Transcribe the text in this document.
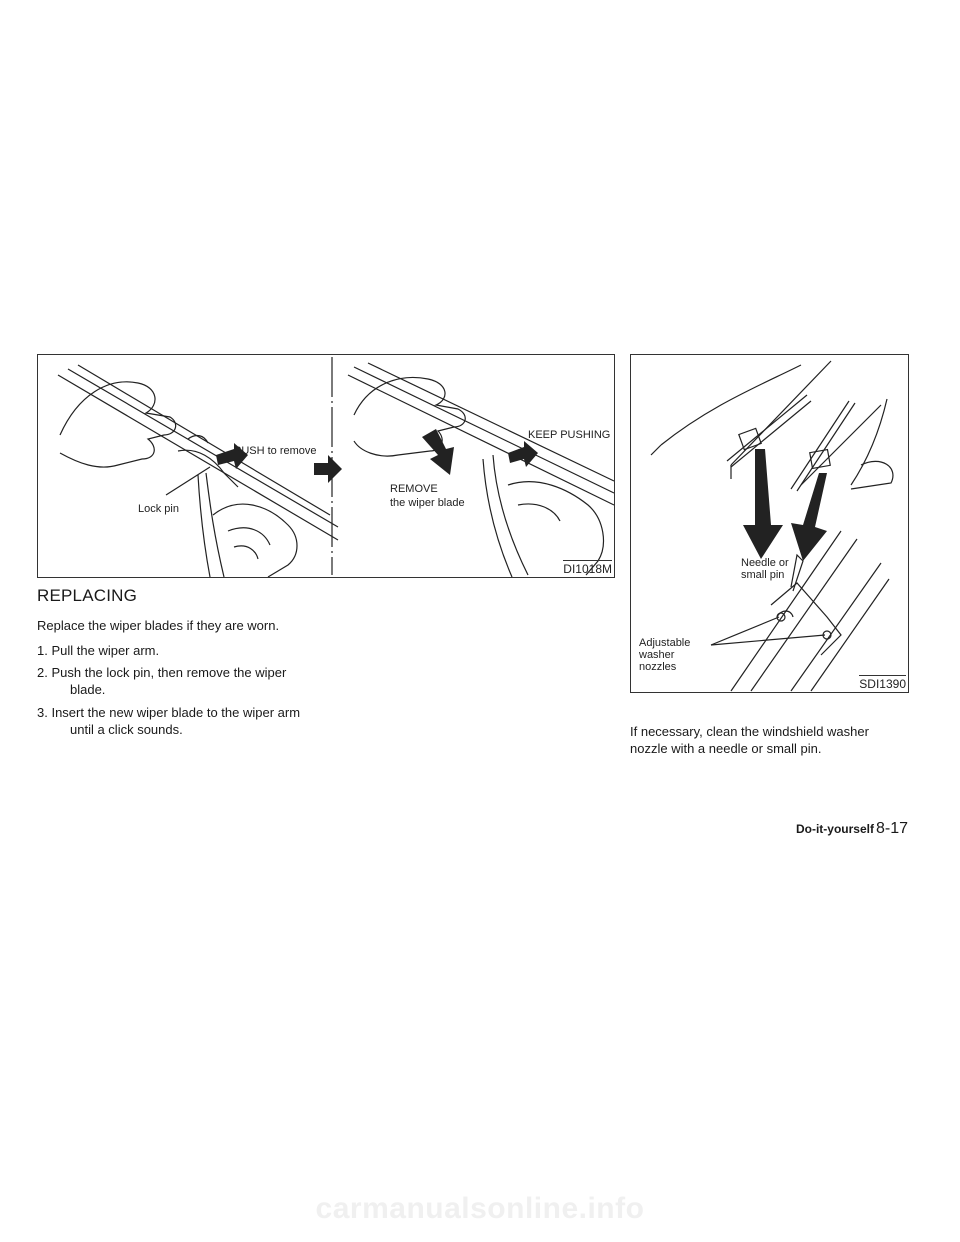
PUSH to remove
Lock pin
KEEP PUSHING
REMOVE
the wiper blade
DI1018M	Needle or
small pin
Adjustable
washer
nozzles
SDI1390
REPLACING

Replace the wiper blades if they are worn.

1. Pull the wiper arm.
2. Push the lock pin, then remove the wiper
blade.
3. Insert the new wiper blade to the wiper arm
until a click sounds.	If necessary, clean the windshield washer

nozzle with a needle or small pin.

Do-it-yourself 8-17
carmanualsonline.info
